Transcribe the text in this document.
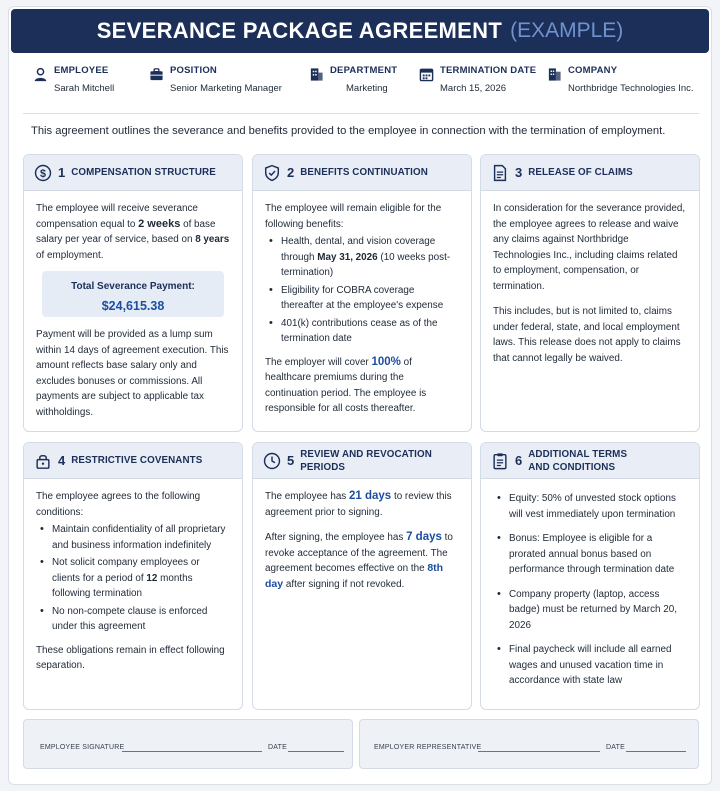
SEVERANCE PACKAGE AGREEMENT (EXAMPLE)
EMPLOYEE
Sarah Mitchell
POSITION
Senior Marketing Manager
DEPARTMENT
Marketing
TERMINATION DATE
March 15, 2026
COMPANY
Northbridge Technologies Inc.
This agreement outlines the severance and benefits provided to the employee in connection with the termination of employment.
$ 1 COMPENSATION STRUCTURE

The employee will receive severance compensation equal to 2 weeks of base salary per year of service, based on 8 years of employment.

Total Severance Payment:
$24,615.38

Payment will be provided as a lump sum within 14 days of agreement execution. This amount reflects base salary only and excludes bonuses or commissions. All payments are subject to applicable tax withholdings.

2 BENEFITS CONTINUATION

The employee will remain eligible for the following benefits:

• Health, dental, and vision coverage through May 31, 2026 (10 weeks post-termination)
• Eligibility for COBRA coverage thereafter at the employee's expense
• 401(k) contributions cease as of the termination date

The employer will cover 100% of healthcare premiums during the continuation period. The employee is responsible for all costs thereafter.

3 RELEASE OF CLAIMS

In consideration for the severance provided, the employee agrees to release and waive any claims against Northbridge Technologies Inc., including claims related to employment, compensation, or termination.

This includes, but is not limited to, claims under federal, state, and local employment laws. This release does not apply to claims that cannot legally be waived.

4 RESTRICTIVE COVENANTS

The employee agrees to the following conditions:

• Maintain confidentiality of all proprietary and business information indefinitely
• Not solicit company employees or clients for a period of 12 months following termination
• No non-compete clause is enforced under this agreement

These obligations remain in effect following separation.

5 REVIEW AND REVOCATION PERIODS

The employee has 21 days to review this agreement prior to signing.

After signing, the employee has 7 days to revoke acceptance of the agreement. The agreement becomes effective on the 8th day after signing if not revoked.

6 ADDITIONAL TERMS
AND CONDITIONS
• Equity: 50% of unvested stock options will vest immediately upon termination
• Bonus: Employee is eligible for a prorated annual bonus based on performance through termination date
• Company property (laptop, access badge) must be returned by March 20, 2026
• Final paycheck will include all earned wages and unused vacation time in accordance with state law
EMPLOYEE SIGNATURE	DATE	EMPLOYER REPRESENTATIVE	DATE
